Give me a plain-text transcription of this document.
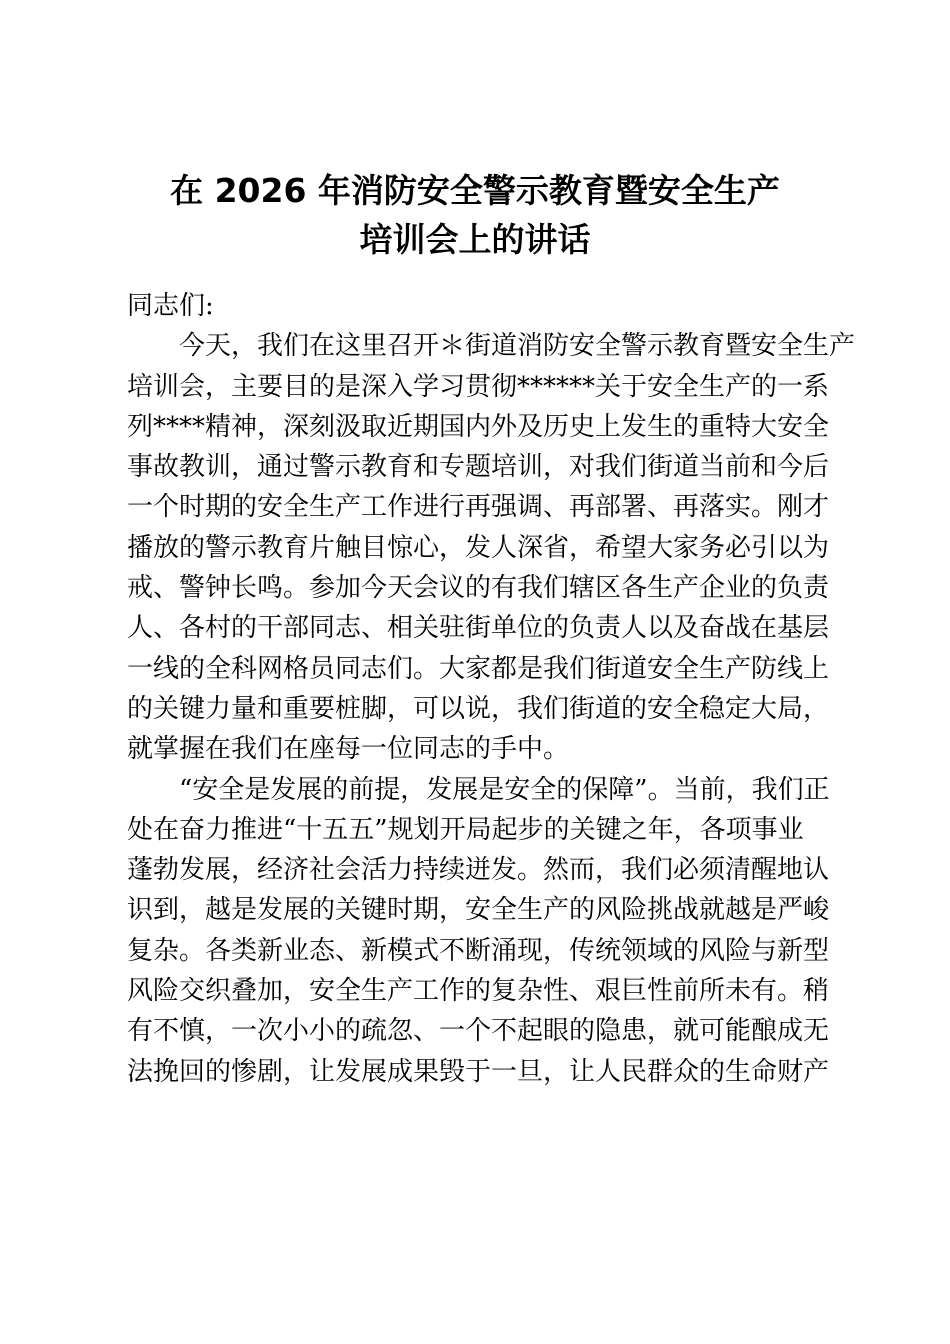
在 2026 年消防安全警示教育暨安全生产
培训会上的讲话
同志们:
今天，我们在这里召开＊街道消防安全警示教育暨安全生产
培训会，主要目的是深入学习贯彻******关于安全生产的一系
列****精神，深刻汲取近期国内外及历史上发生的重特大安全
事故教训，通过警示教育和专题培训，对我们街道当前和今后
一个时期的安全生产工作进行再强调、再部署、再落实。刚才
播放的警示教育片触目惊心，发人深省，希望大家务必引以为
戒、警钟长鸣。参加今天会议的有我们辖区各生产企业的负责
人、各村的干部同志、相关驻街单位的负责人以及奋战在基层
一线的全科网格员同志们。大家都是我们街道安全生产防线上
的关键力量和重要桩脚，可以说，我们街道的安全稳定大局，
就掌握在我们在座每一位同志的手中。
“安全是发展的前提，发展是安全的保障”。当前，我们正
处在奋力推进“十五五”规划开局起步的关键之年，各项事业
蓬勃发展，经济社会活力持续迸发。然而，我们必须清醒地认
识到，越是发展的关键时期，安全生产的风险挑战就越是严峻
复杂。各类新业态、新模式不断涌现，传统领域的风险与新型
风险交织叠加，安全生产工作的复杂性、艰巨性前所未有。稍
有不慎，一次小小的疏忽、一个不起眼的隐患，就可能酿成无
法挽回的惨剧，让发展成果毁于一旦，让人民群众的生命财产
